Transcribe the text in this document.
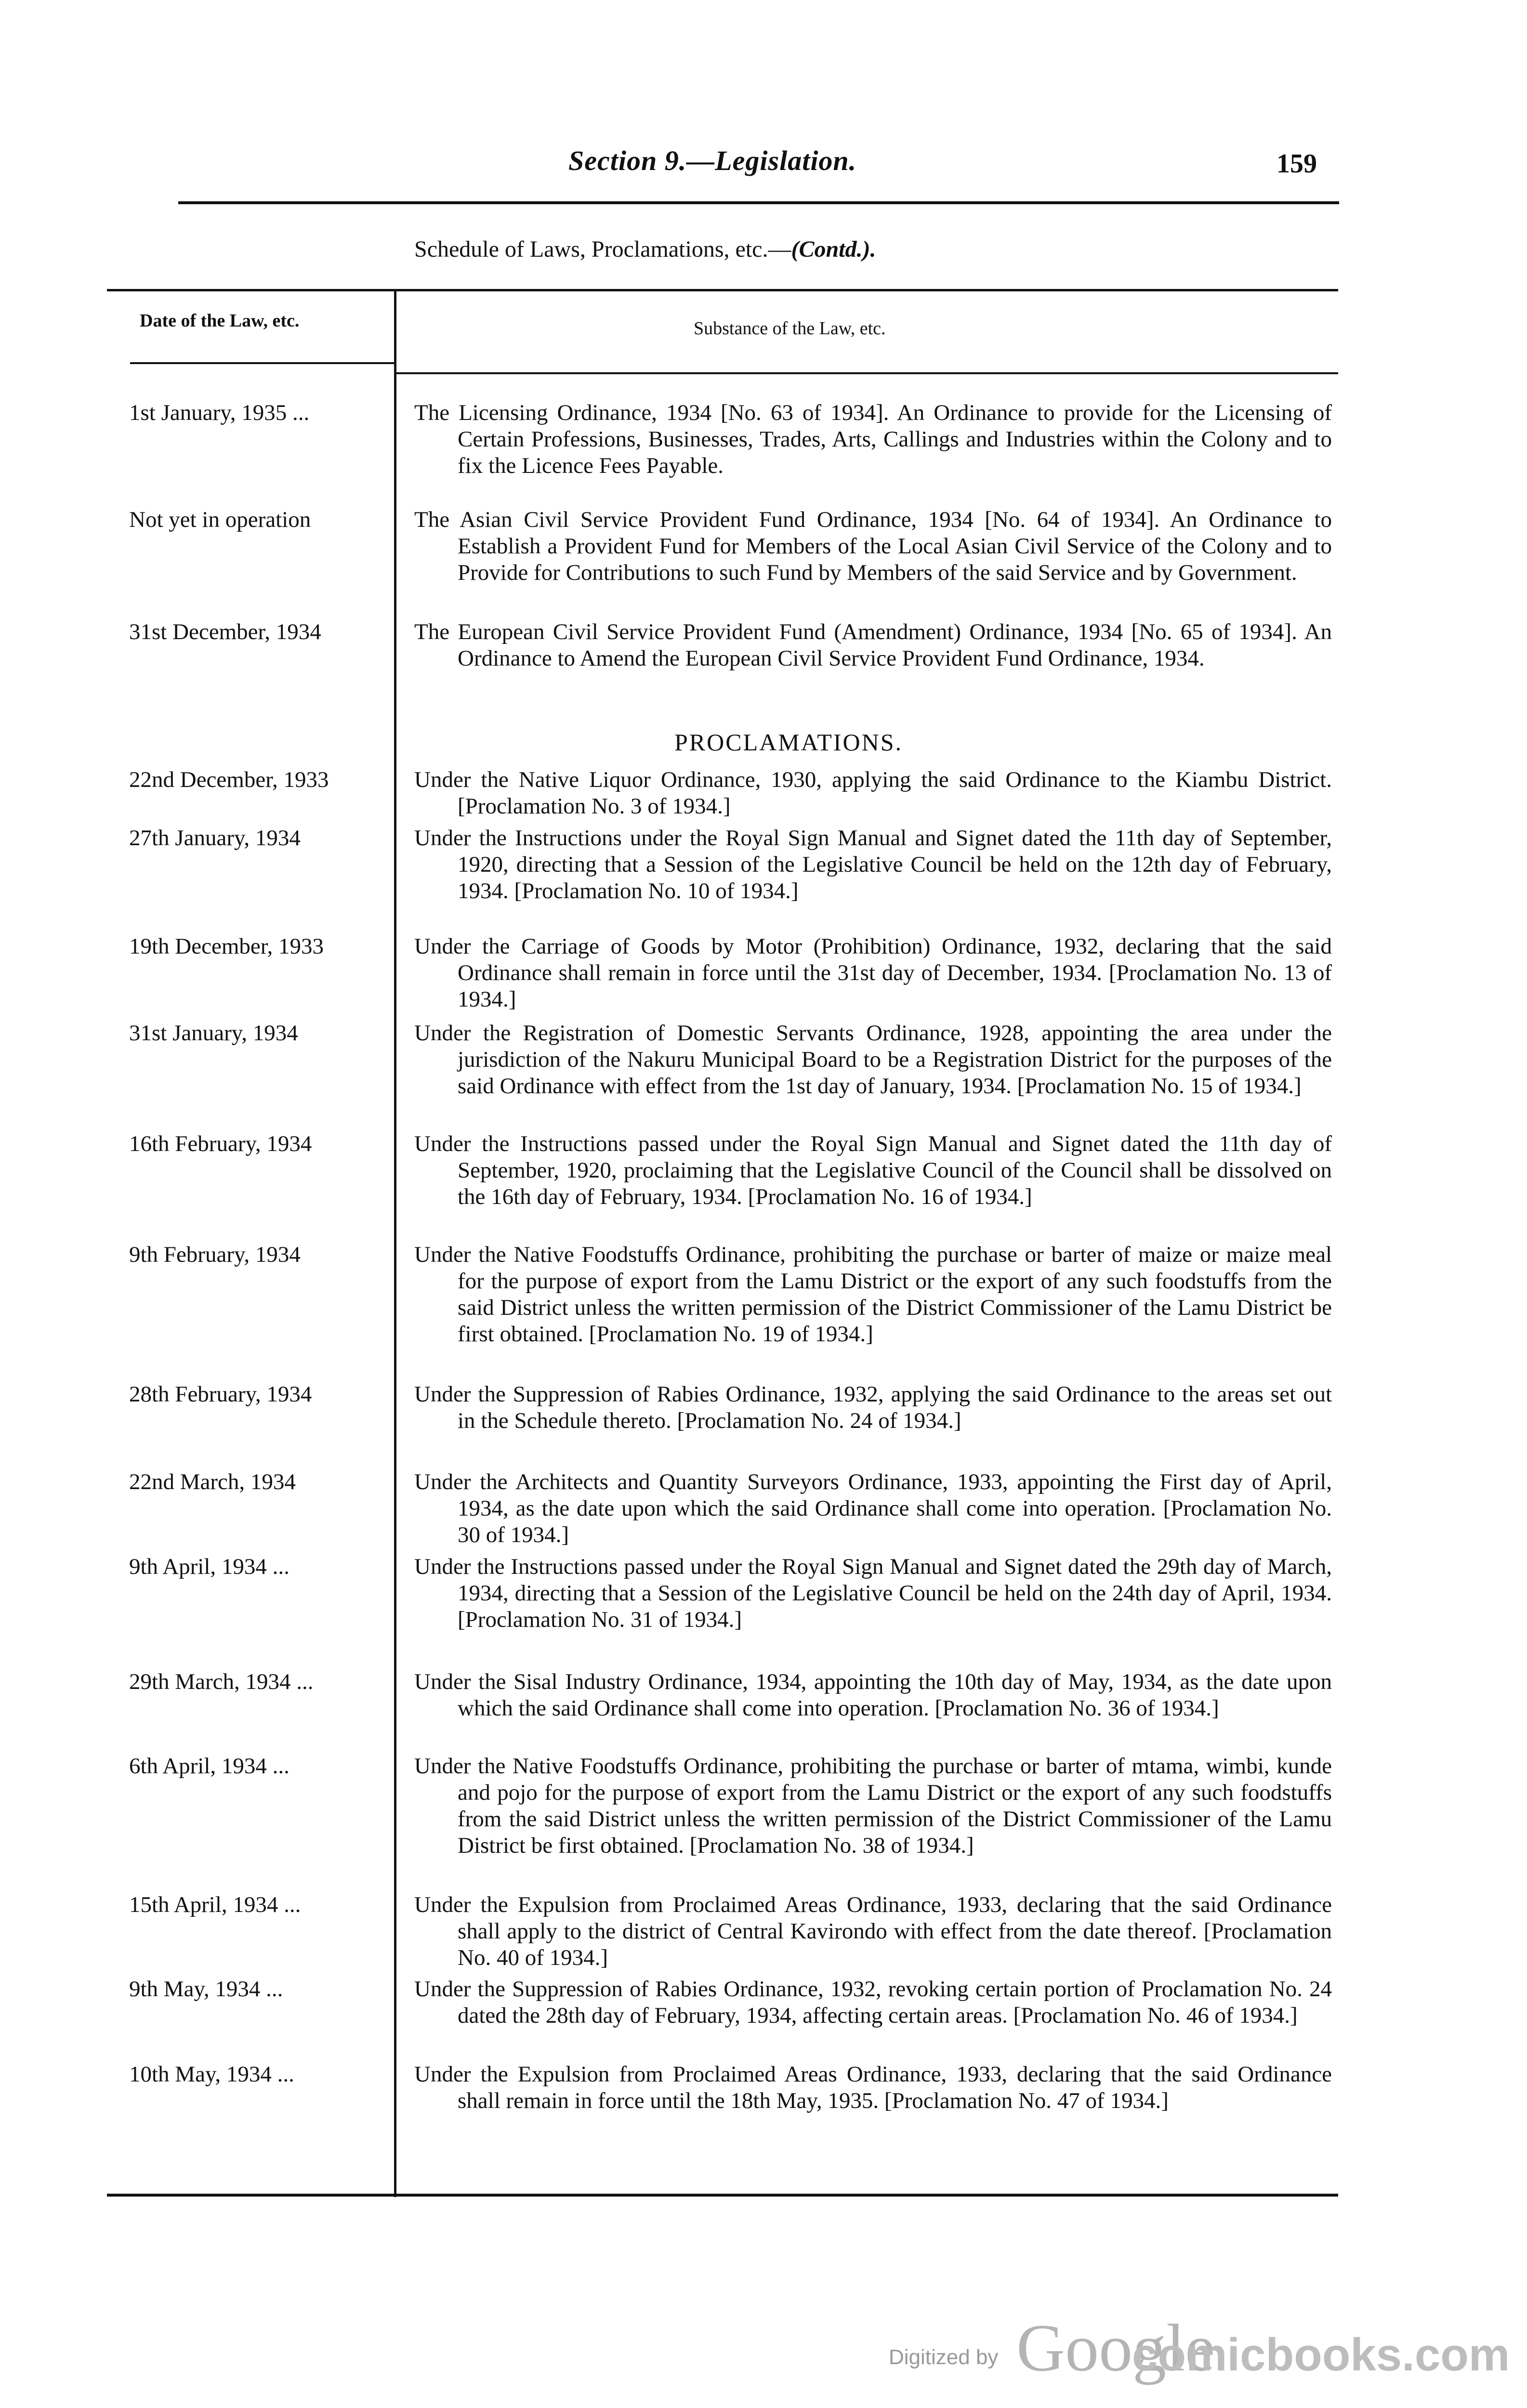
Section 9.—Legislation.	159
Schedule of Laws, Proclamations, etc.—(Contd.).
Date of the Law, etc.	Substance of the Law, etc.
1st January, 1935 ...	The Licensing Ordinance, 1934 [No. 63 of 1934]. An Ordinance to provide for the Licensing of Certain Professions, Businesses, Trades, Arts, Callings and Industries within the Colony and to fix the Licence Fees Payable.
Not yet in operation	The Asian Civil Service Provident Fund Ordinance, 1934 [No. 64 of 1934]. An Ordinance to Establish a Provident Fund for Members of the Local Asian Civil Service of the Colony and to Provide for Contributions to such Fund by Members of the said Service and by Government.
31st December, 1934	The European Civil Service Provident Fund (Amendment) Ordinance, 1934 [No. 65 of 1934]. An Ordinance to Amend the European Civil Service Provident Fund Ordinance, 1934.
PROCLAMATIONS.
22nd December, 1933	Under the Native Liquor Ordinance, 1930, applying the said Ordinance to the Kiambu District. [Proclamation No. 3 of 1934.]
27th January, 1934	Under the Instructions under the Royal Sign Manual and Signet dated the 11th day of September, 1920, directing that a Session of the Legislative Council be held on the 12th day of February, 1934. [Proclamation No. 10 of 1934.]
19th December, 1933	Under the Carriage of Goods by Motor (Prohibition) Ordinance, 1932, declaring that the said Ordinance shall remain in force until the 31st day of December, 1934. [Proclamation No. 13 of 1934.]
31st January, 1934	Under the Registration of Domestic Servants Ordinance, 1928, appointing the area under the jurisdiction of the Nakuru Municipal Board to be a Registration District for the purposes of the said Ordinance with effect from the 1st day of January, 1934. [Proclamation No. 15 of 1934.]
16th February, 1934	Under the Instructions passed under the Royal Sign Manual and Signet dated the 11th day of September, 1920, proclaiming that the Legislative Council of the Council shall be dissolved on the 16th day of February, 1934. [Proclamation No. 16 of 1934.]
9th February, 1934	Under the Native Foodstuffs Ordinance, prohibiting the purchase or barter of maize or maize meal for the purpose of export from the Lamu District or the export of any such foodstuffs from the said District unless the written permission of the District Commissioner of the Lamu District be first obtained. [Proclamation No. 19 of 1934.]
28th February, 1934	Under the Suppression of Rabies Ordinance, 1932, applying the said Ordinance to the areas set out in the Schedule thereto. [Proclamation No. 24 of 1934.]
22nd March, 1934	Under the Architects and Quantity Surveyors Ordinance, 1933, appointing the First day of April, 1934, as the date upon which the said Ordinance shall come into operation. [Proclamation No. 30 of 1934.]
9th April, 1934 ...	Under the Instructions passed under the Royal Sign Manual and Signet dated the 29th day of March, 1934, directing that a Session of the Legislative Council be held on the 24th day of April, 1934. [Proclamation No. 31 of 1934.]
29th March, 1934 ...	Under the Sisal Industry Ordinance, 1934, appointing the 10th day of May, 1934, as the date upon which the said Ordinance shall come into operation. [Proclamation No. 36 of 1934.]
6th April, 1934 ...	Under the Native Foodstuffs Ordinance, prohibiting the purchase or barter of mtama, wimbi, kunde and pojo for the purpose of export from the Lamu District or the export of any such foodstuffs from the said District unless the written permission of the District Commissioner of the Lamu District be first obtained. [Proclamation No. 38 of 1934.]
15th April, 1934 ...	Under the Expulsion from Proclaimed Areas Ordinance, 1933, declaring that the said Ordinance shall apply to the district of Central Kavirondo with effect from the date thereof. [Proclamation No. 40 of 1934.]
9th May, 1934 ...	Under the Suppression of Rabies Ordinance, 1932, revoking certain portion of Proclamation No. 24 dated the 28th day of February, 1934, affecting certain areas. [Proclamation No. 46 of 1934.]
10th May, 1934 ...	Under the Expulsion from Proclaimed Areas Ordinance, 1933, declaring that the said Ordinance shall remain in force until the 18th May, 1935. [Proclamation No. 47 of 1934.]
Digitized by Google
comicbooks.com
